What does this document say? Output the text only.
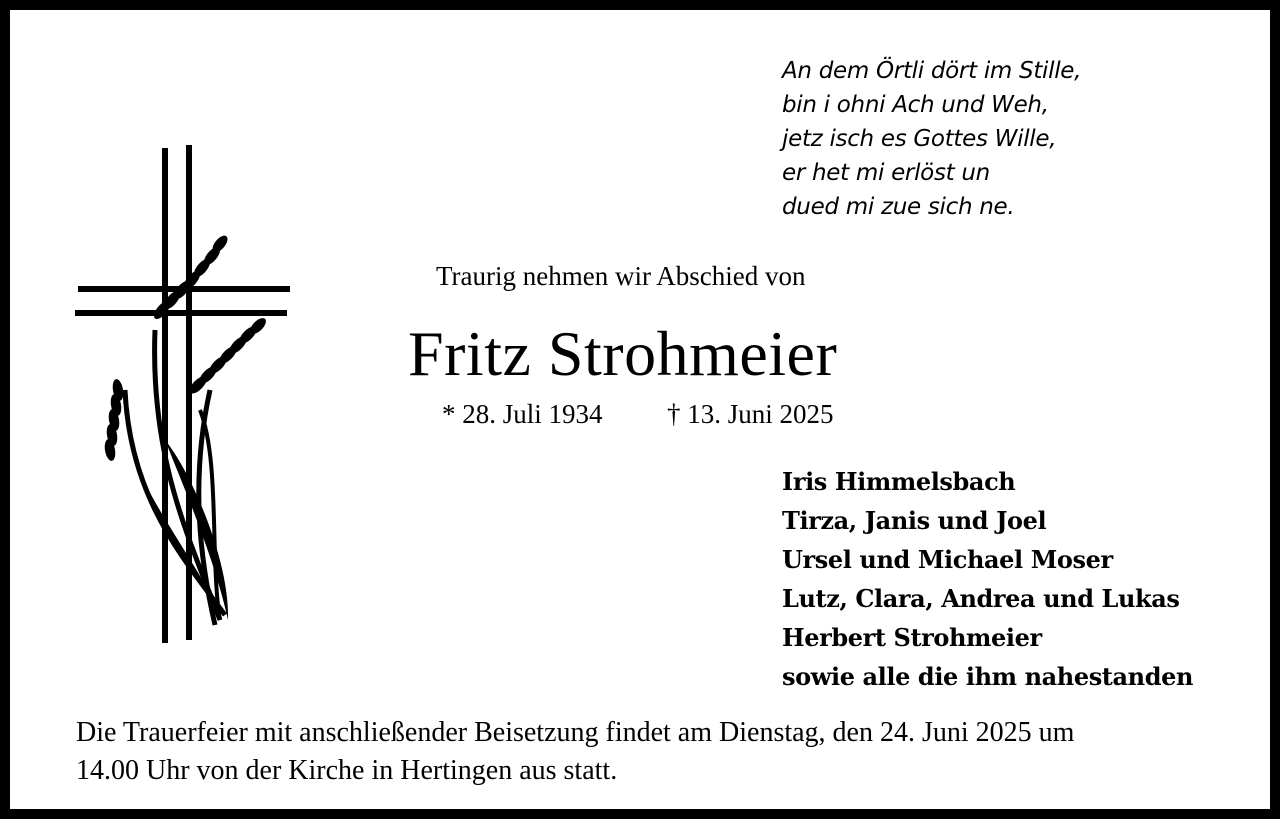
An dem Örtli dört im Stille,
bin i ohni Ach und Weh,
jetz isch es Gottes Wille,
er het mi erlöst un
dued mi zue sich ne.
Traurig nehmen wir Abschied von
Fritz Strohmeier
* 28. Juli 1934 † 13. Juni 2025
Iris Himmelsbach
Tirza, Janis und Joel
Ursel und Michael Moser
Lutz, Clara, Andrea und Lukas
Herbert Strohmeier
sowie alle die ihm nahestanden
Die Trauerfeier mit anschließender Beisetzung findet am Dienstag, den 24. Juni 2025 um
14.00 Uhr von der Kirche in Hertingen aus statt.
